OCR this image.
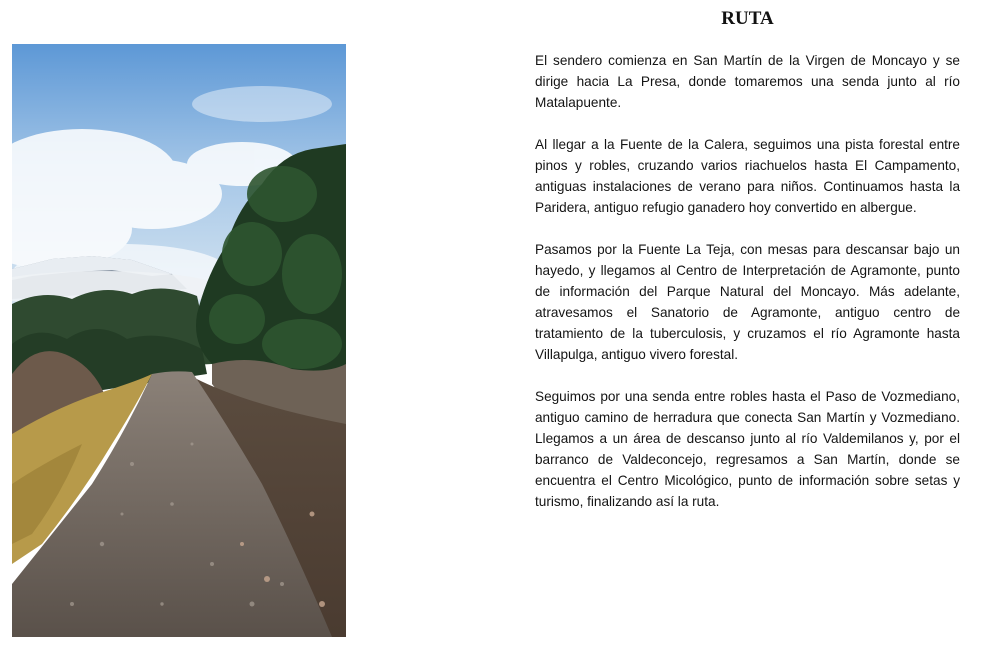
RUTA

El sendero comienza en San Martín de la Virgen de Moncayo y se dirige hacia La Presa, donde tomaremos una senda junto al río Matalapuente.

Al llegar a la Fuente de la Calera, seguimos una pista forestal entre pinos y robles, cruzando varios riachuelos hasta El Campamento, antiguas instalaciones de verano para niños. Continuamos hasta la Paridera, antiguo refugio ganadero hoy convertido en albergue.

Pasamos por la Fuente La Teja, con mesas para descansar bajo un hayedo, y llegamos al Centro de Interpretación de Agramonte, punto de información del Parque Natural del Moncayo. Más adelante, atravesamos el Sanatorio de Agramonte, antiguo centro de tratamiento de la tuberculosis, y cruzamos el río Agramonte hasta Villapulga, antiguo vivero forestal.

Seguimos por una senda entre robles hasta el Paso de Vozmediano, antiguo camino de herradura que conecta San Martín y Vozmediano. Llegamos a un área de descanso junto al río Valdemilanos y, por el barranco de Valdeconcejo, regresamos a San Martín, donde se encuentra el Centro Micológico, punto de información sobre setas y turismo, finalizando así la ruta.
